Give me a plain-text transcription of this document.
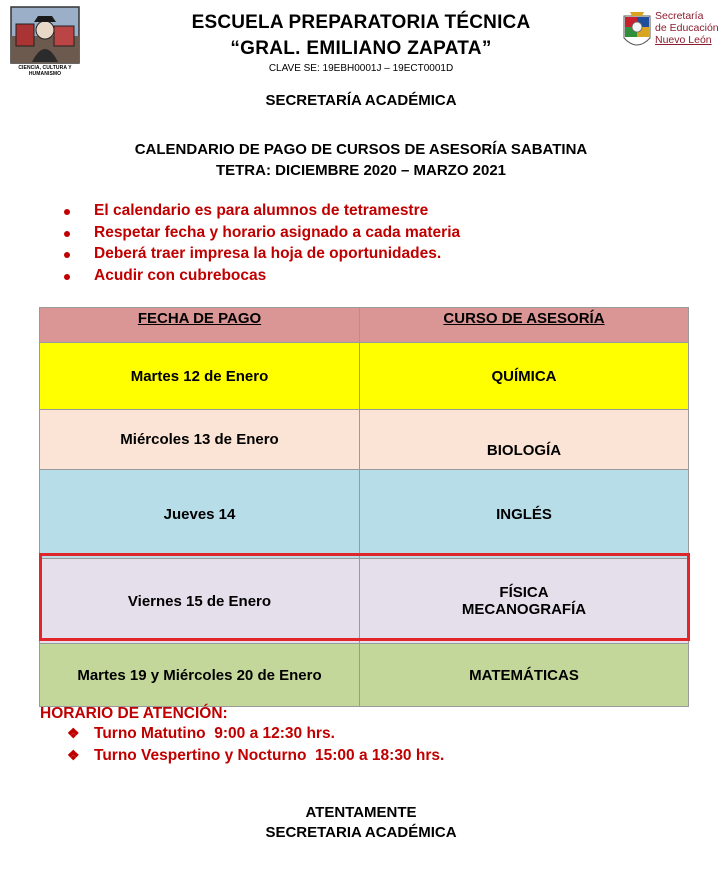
CIENCIA, CULTURA Y HUMANISMO
Secretaría
de Educación
Nuevo León
ESCUELA PREPARATORIA TÉCNICA
“GRAL. EMILIANO ZAPATA”
CLAVE SE: 19EBH0001J – 19ECT0001D
SECRETARÍA ACADÉMICA
CALENDARIO DE PAGO DE CURSOS DE ASESORÍA SABATINA
TETRA: DICIEMBRE 2020 – MARZO 2021
El calendario es para alumnos de tetramestre
Respetar fecha y horario asignado a cada materia
Deberá traer impresa la hoja de oportunidades.
Acudir con cubrebocas
FECHA DE PAGO	CURSO DE ASESORÍA
Martes 12 de Enero	QUÍMICA
Miércoles 13 de Enero	BIOLOGÍA
Jueves 14	INGLÉS
Viernes 15 de Enero	FÍSICA
MECANOGRAFÍA

Martes 19 y Miércoles 20 de Enero	MATEMÁTICAS
HORARIO DE ATENCIÓN:
❖ Turno Matutino  9:00 a 12:30 hrs.
❖ Turno Vespertino y Nocturno  15:00 a 18:30 hrs.
ATENTAMENTE
SECRETARIA ACADÉMICA
